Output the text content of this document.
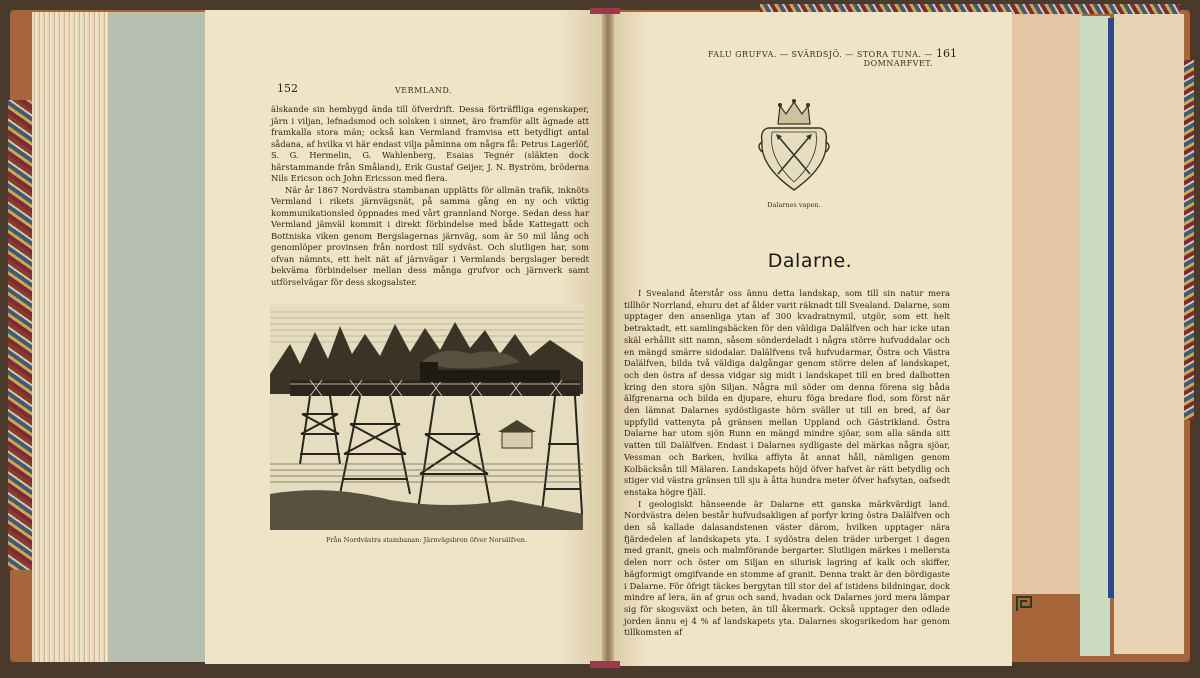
152	VERMLAND.

älskande sin hembygd ända till öfverdrift. Dessa förträffliga egenskaper, järn i viljan, lefnadsmod och solsken i sinnet, äro framför allt ägnade att framkalla stora män; också kan Vermland framvisa ett betydligt antal sådana, af hvilka vi här endast vilja påminna om några få: Petrus Lagerlöf, S. G. Hermelin, G. Wahlenberg, Esaias Tegnér (släkten dock härstammande från Småland), Erik Gustaf Geijer, J. N. Byström, bröderna Nils Ericson och John Ericsson med flera.

När år 1867 Nordvästra stambanan upplätts för allmän trafik, inknöts Vermland i rikets järnvägsnät, på samma gång en ny och viktig kommunikationsled öppnades med vårt grannland Norge. Sedan dess har Vermland jämväl kommit i direkt förbindelse med både Kattegatt och Bottniska viken genom Bergslagernas järnväg, som är 50 mil lång och genomlöper provinsen från nordost till sydväst. Och slutligen har, som ofvan nämnts, ett helt nät af järnvägar i Vermlands bergslager beredt bekväma förbindelser mellan dess många grufvor och järnverk samt utförselvägar för dess skogsalster.

Från Nordvästra stambanan: Järnvägsbron öfver Norsälfven.
FALU GRUFVA. — SVÄRDSJÖ. — STORA TUNA. — DOMNARFVET.
161
Dalarnes vapen.
Dalarne.

I Svealand återstår oss ännu detta landskap, som till sin natur mera tillhör Norrland, ehuru det af ålder varit räknadt till Svealand. Dalarne, som upptager den ansenliga ytan af 300 kvadratnymil, utgör, som ett helt betraktadt, ett samlingsbäcken för den väldiga Dalälfven och har icke utan skäl erhållit sitt namn, såsom sönderdeladt i några större hufvuddalar och en mängd smärre sidodalar. Dalälfvens två hufvudarmar, Östra och Västra Dalälfven, bilda två väldiga dalgångar genom större delen af landskapet, och den östra af dessa vidgar sig midt i landskapet till en bred dalbotten kring den stora sjön Siljan. Några mil söder om denna förena sig båda älfgrenarna och bilda en djupare, ehuru föga bredare flod, som först när den lämnat Dalarnes sydöstligaste hörn sväller ut till en bred, af öar uppfylld vattenyta på gränsen mellan Uppland och Gästrikland. Östra Dalarne har utom sjön Runn en mängd mindre sjöar, som alla sända sitt vatten till Dalälfven. Endast i Dalarnes sydligaste del märkas några sjöar, Vessman och Barken, hvilka afflyta åt annat håll, nämligen genom Kolbäcksån till Mälaren. Landskapets höjd öfver hafvet är rätt betydlig och stiger vid västra gränsen till sju à åtta hundra meter öfver hafsytan, oafsedt enstaka högre fjäll.

I geologiskt hänseende är Dalarne ett ganska märkvärdigt land. Nordvästra delen består hufvudsakligen af porfyr kring östra Dalälfven och den så kallade dalasandstenen väster därom, hvilken upptager nära fjärdedelen af landskapets yta. I sydöstra delen träder urberget i dagen med granit, gneis och malmförande bergarter. Slutligen märkes i mellersta delen norr och öster om Siljan en silurisk lagring af kalk och skiffer, hägformigt omgifvande en stomme af granit. Denna trakt är den bördigaste i Dalarne. För öfrigt täckes bergytan till stor del af istidens bildningar, dock mindre af lera, än af grus och sand, hvadan ock Dalarnes jord mera lämpar sig för skogsväxt och beten, än till åkermark. Också upptager den odlade jorden ännu ej 4 % af landskapets yta. Dalarnes skogsrikedom har genom tillkomsten af
